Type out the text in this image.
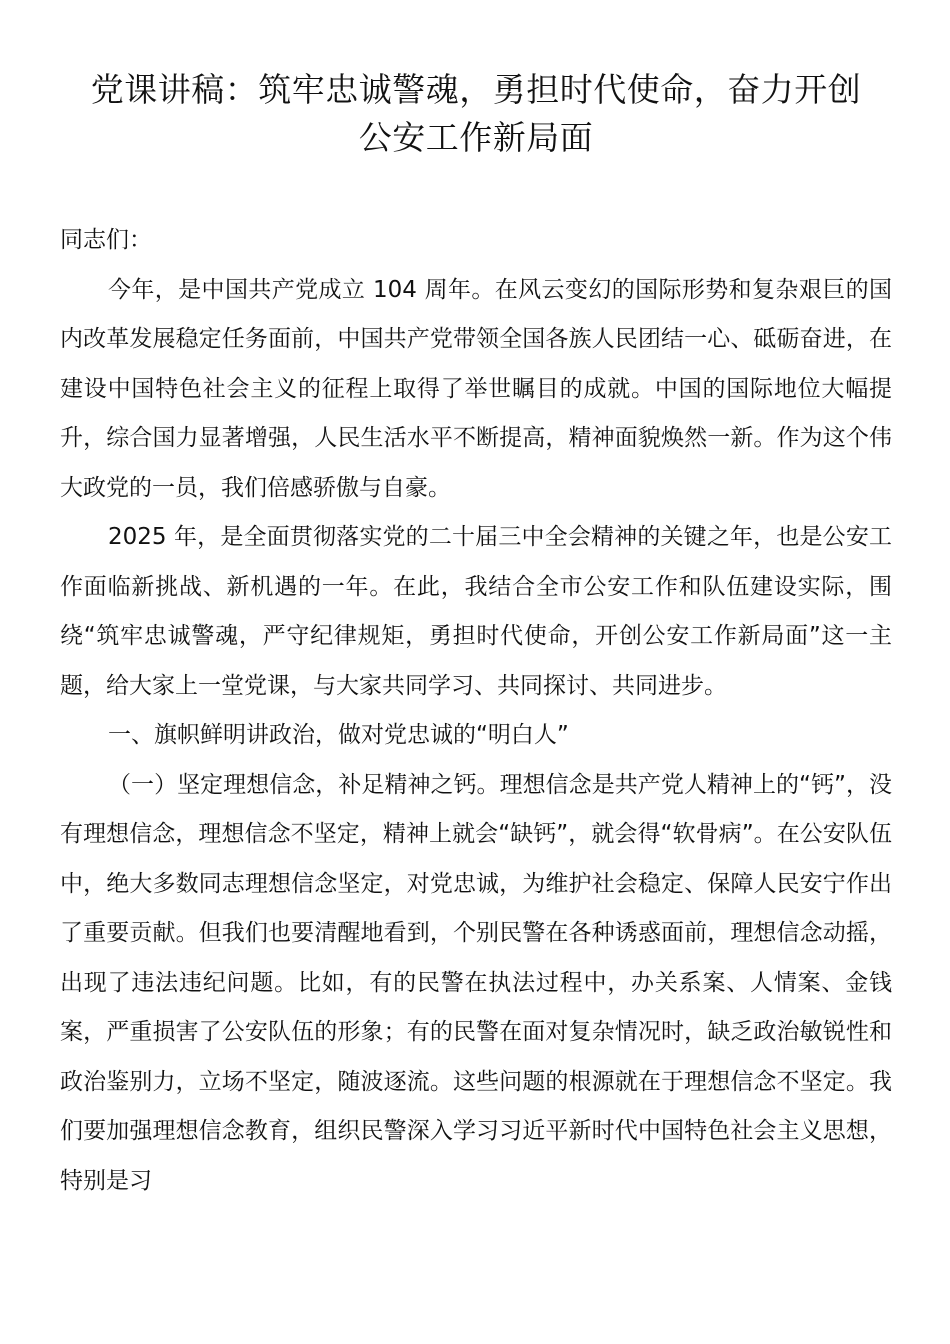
党课讲稿：筑牢忠诚警魂，勇担时代使命，奋力开创
公安工作新局面

同志们：

今年，是中国共产党成立 104 周年。在风云变幻的国际形势和复杂艰巨的国内改革发展稳定任务面前，中国共产党带领全国各族人民团结一心、砥砺奋进，在建设中国特色社会主义的征程上取得了举世瞩目的成就。中国的国际地位大幅提升，综合国力显著增强，人民生活水平不断提高，精神面貌焕然一新。作为这个伟大政党的一员，我们倍感骄傲与自豪。

2025 年，是全面贯彻落实党的二十届三中全会精神的关键之年，也是公安工作面临新挑战、新机遇的一年。在此，我结合全市公安工作和队伍建设实际，围绕“筑牢忠诚警魂，严守纪律规矩，勇担时代使命，开创公安工作新局面”这一主题，给大家上一堂党课，与大家共同学习、共同探讨、共同进步。

一、旗帜鲜明讲政治，做对党忠诚的“明白人”

（一）坚定理想信念，补足精神之钙。理想信念是共产党人精神上的“钙”，没有理想信念，理想信念不坚定，精神上就会“缺钙”，就会得“软骨病”。在公安队伍中，绝大多数同志理想信念坚定，对党忠诚，为维护社会稳定、保障人民安宁作出了重要贡献。但我们也要清醒地看到，个别民警在各种诱惑面前，理想信念动摇，出现了违法违纪问题。比如，有的民警在执法过程中，办关系案、人情案、金钱案，严重损害了公安队伍的形象；有的民警在面对复杂情况时，缺乏政治敏锐性和政治鉴别力，立场不坚定，随波逐流。这些问题的根源就在于理想信念不坚定。我们要加强理想信念教育，组织民警深入学习习近平新时代中国特色社会主义思想，特别是习
